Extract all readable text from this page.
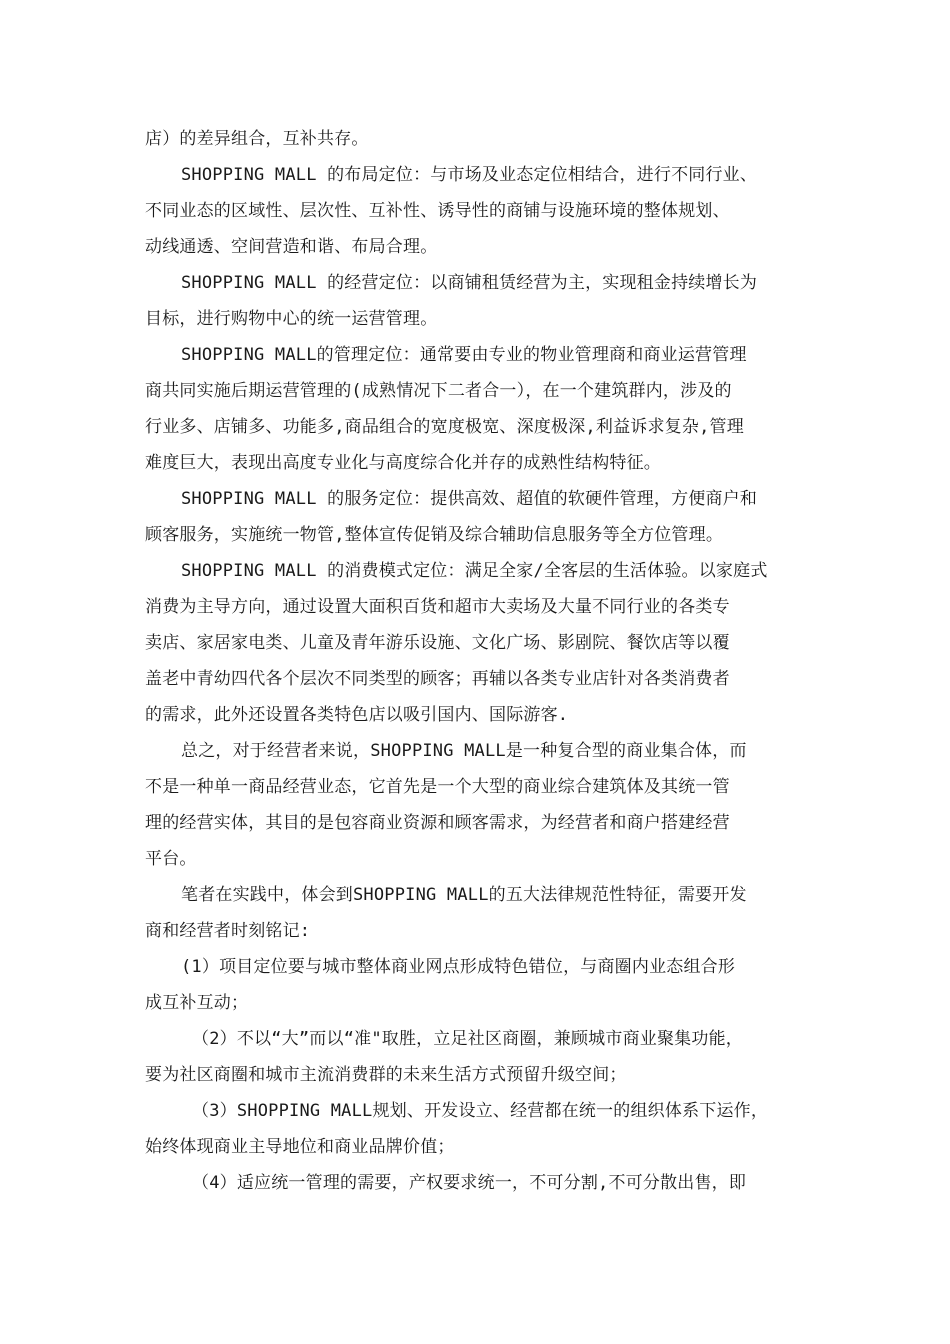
店）的差异组合，互补共存。
SHOPPING MALL 的布局定位：与市场及业态定位相结合，进行不同行业、
不同业态的区域性、层次性、互补性、诱导性的商铺与设施环境的整体规划、
动线通透、空间营造和谐、布局合理。
SHOPPING MALL 的经营定位：以商铺租赁经营为主，实现租金持续增长为
目标，进行购物中心的统一运营管理。
SHOPPING MALL的管理定位：通常要由专业的物业管理商和商业运营管理
商共同实施后期运营管理的(成熟情况下二者合一），在一个建筑群内，涉及的
行业多、店铺多、功能多,商品组合的宽度极宽、深度极深,利益诉求复杂,管理
难度巨大，表现出高度专业化与高度综合化并存的成熟性结构特征。
SHOPPING MALL 的服务定位：提供高效、超值的软硬件管理，方便商户和
顾客服务，实施统一物管,整体宣传促销及综合辅助信息服务等全方位管理。
SHOPPING MALL 的消费模式定位：满足全家/全客层的生活体验。以家庭式
消费为主导方向，通过设置大面积百货和超市大卖场及大量不同行业的各类专
卖店、家居家电类、儿童及青年游乐设施、文化广场、影剧院、餐饮店等以覆
盖老中青幼四代各个层次不同类型的顾客；再辅以各类专业店针对各类消费者
的需求，此外还设置各类特色店以吸引国内、国际游客.
总之，对于经营者来说，SHOPPING MALL是一种复合型的商业集合体，而
不是一种单一商品经营业态，它首先是一个大型的商业综合建筑体及其统一管
理的经营实体，其目的是包容商业资源和顾客需求，为经营者和商户搭建经营
平台。
笔者在实践中，体会到SHOPPING MALL的五大法律规范性特征，需要开发
商和经营者时刻铭记:
(1）项目定位要与城市整体商业网点形成特色错位，与商圈内业态组合形
成互补互动；
（2）不以“大”而以“准"取胜，立足社区商圈，兼顾城市商业聚集功能，
要为社区商圈和城市主流消费群的未来生活方式预留升级空间；
（3）SHOPPING MALL规划、开发设立、经营都在统一的组织体系下运作，
始终体现商业主导地位和商业品牌价值；
（4）适应统一管理的需要，产权要求统一，不可分割,不可分散出售，即
